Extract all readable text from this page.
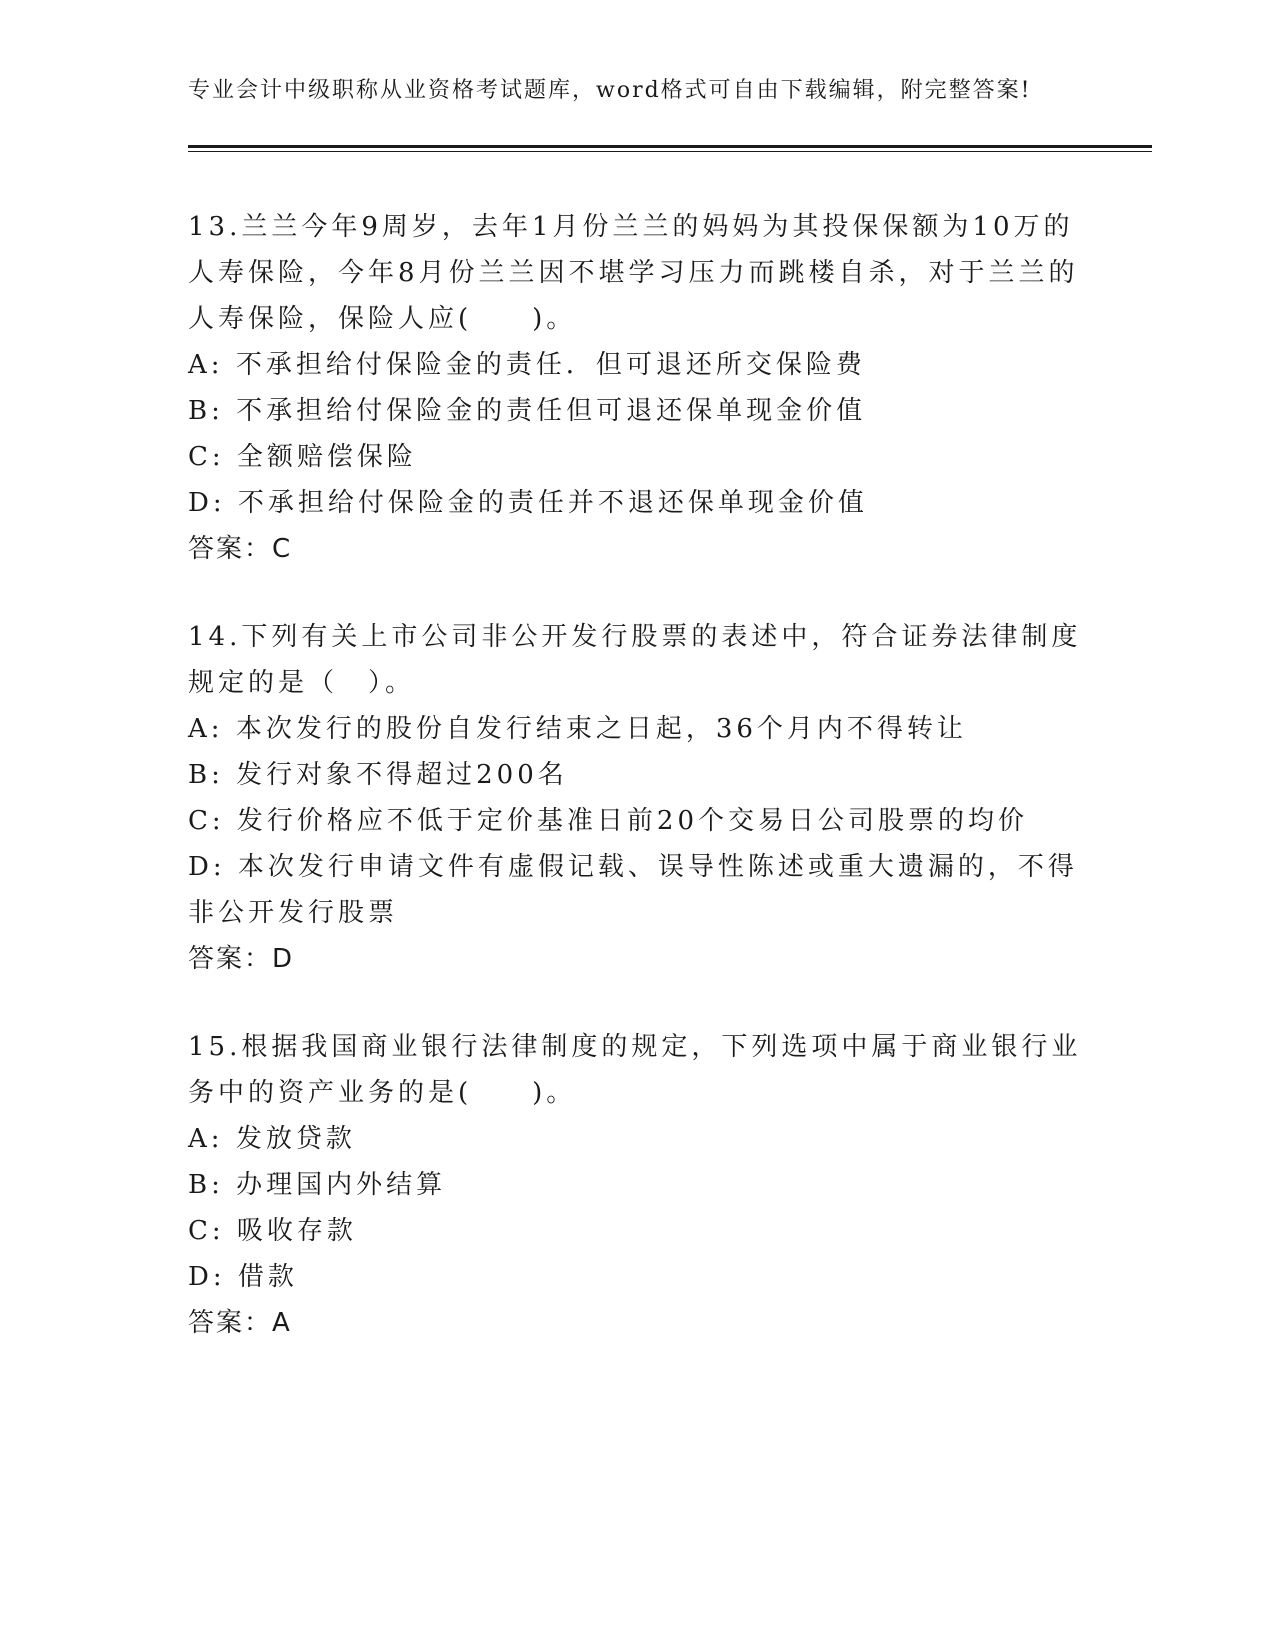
专业会计中级职称从业资格考试题库，word格式可自由下载编辑，附完整答案!

13.兰兰今年9周岁，去年1月份兰兰的妈妈为其投保保额为10万的人寿保险，今年8月份兰兰因不堪学习压力而跳楼自杀，对于兰兰的人寿保险，保险人应(　　)。

A: 不承担给付保险金的责任．但可退还所交保险费

B: 不承担给付保险金的责任但可退还保单现金价值

C: 全额赔偿保险

D: 不承担给付保险金的责任并不退还保单现金价值

答案：C

14.下列有关上市公司非公开发行股票的表述中，符合证券法律制度规定的是（　）。

A: 本次发行的股份自发行结束之日起，36个月内不得转让

B: 发行对象不得超过200名

C: 发行价格应不低于定价基准日前20个交易日公司股票的均价

D: 本次发行申请文件有虚假记载、误导性陈述或重大遗漏的，不得非公开发行股票

答案：D

15.根据我国商业银行法律制度的规定，下列选项中属于商业银行业务中的资产业务的是(　　)。

A: 发放贷款

B: 办理国内外结算

C: 吸收存款

D: 借款

答案：A
